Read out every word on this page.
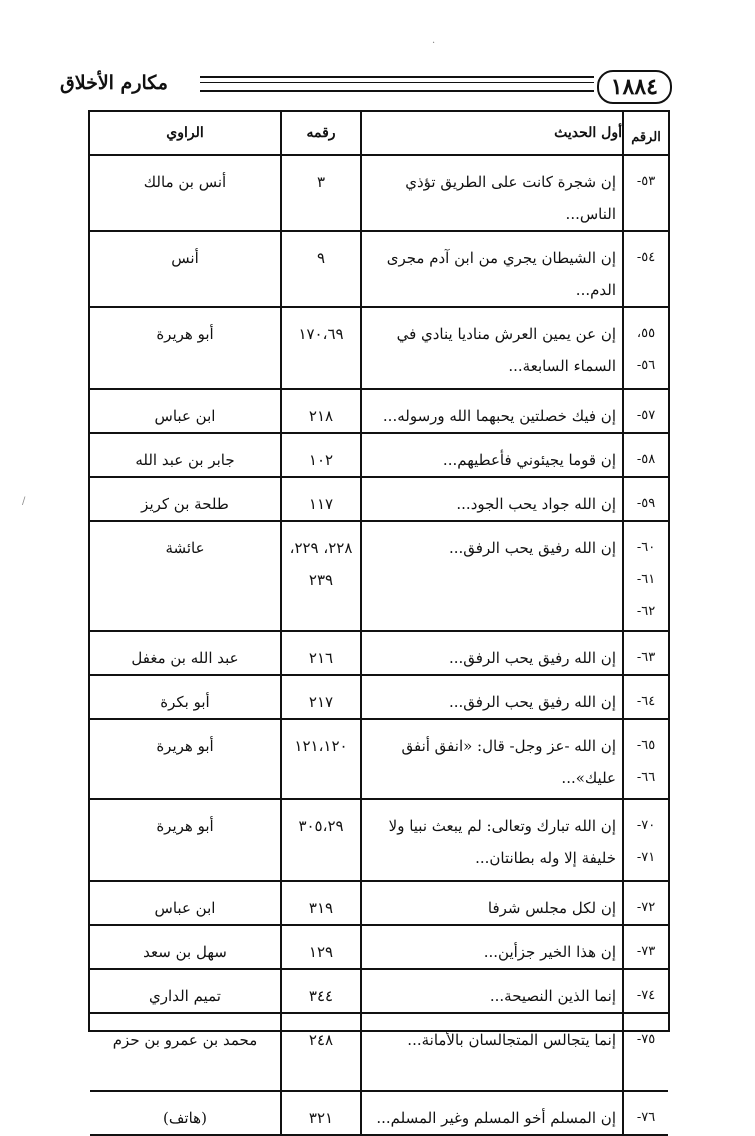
١٨٨٤
مكارم الأخلاق
الرقم	أول الحديث	رقمه	الراوي
٥٣-	إن شجرة كانت على الطريق تؤذي الناس...	٣	أنس بن مالك
٥٤-	إن الشيطان يجري من ابن آدم مجرى الدم...	٩	أنس
٥٥، ٥٦-	إن عن يمين العرش مناديا ينادي في السماء السابعة...	١٧٠،٦٩	أبو هريرة
٥٧-	إن فيك خصلتين يحبهما الله ورسوله...	٢١٨	ابن عباس
٥٨-	إن قوما يجيئوني فأعطيهم...	١٠٢	جابر بن عبد الله
٥٩-	إن الله جواد يحب الجود...	١١٧	طلحة بن كريز
٦٠- ٦١- ٦٢-	إن الله رفيق يحب الرفق...	٢٢٨، ٢٢٩، ٢٣٩	عائشة
٦٣-	إن الله رفيق يحب الرفق...	٢١٦	عبد الله بن مغفل
٦٤-	إن الله رفيق يحب الرفق...	٢١٧	أبو بكرة
٦٥- ٦٦-	إن الله -عز وجل- قال: «انفق أنفق عليك»...	١٢١،١٢٠	أبو هريرة
٧٠- ٧١-	إن الله تبارك وتعالى: لم يبعث نبيا ولا خليفة إلا وله بطانتان...	٣٠٥،٢٩	أبو هريرة
٧٢-	إن لكل مجلس شرفا	٣١٩	ابن عباس
٧٣-	إن هذا الخير جزأين...	١٢٩	سهل بن سعد
٧٤-	إنما الذين النصيحة...	٣٤٤	تميم الداري
٧٥-	إنما يتجالس المتجالسان بالأمانة...	٢٤٨	محمد بن عمرو بن حزم
٧٦-	إن المسلم أخو المسلم وغير المسلم...	٣٢١	(هاتف)
·
/
